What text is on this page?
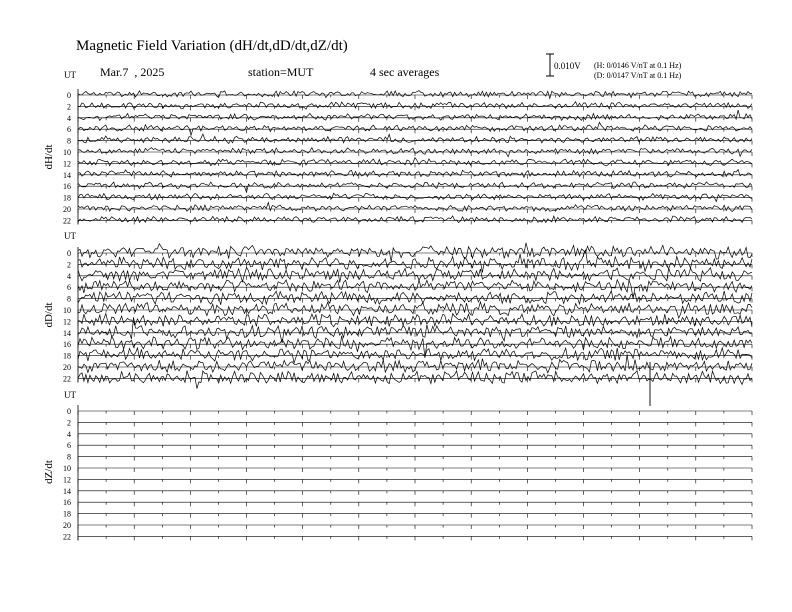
Magnetic Field Variation (dH/dt,dD/dt,dZ/dt)
Mar.7  , 2025	station=MUT	4 sec averages	0.010V (H: 0/0146 V/nT at 0.1 Hz)
(D: 0/0147 V/nT at 0.1 Hz)
UT
dH/dt
0
2
4
6
8
10
12
14
16
18
20
22
UT
dD/dt
0
2
4
6
8
10
12
14
16
18
20
22
UT
dZ/dt
0
2
4
6
8
10
12
14
16
18
20
22
